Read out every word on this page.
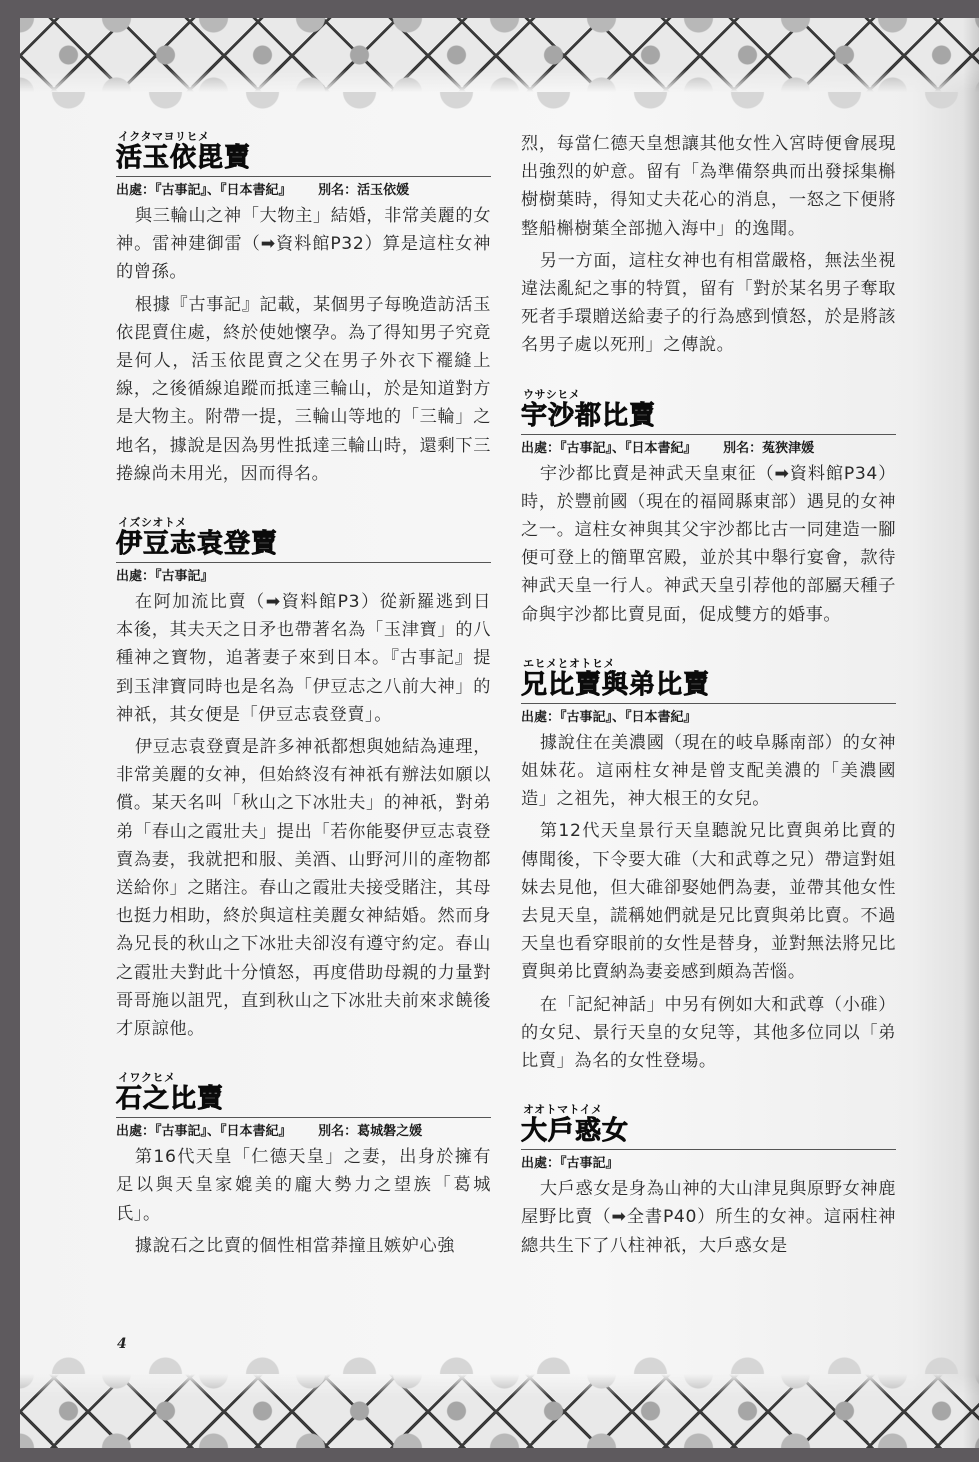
イクタマヨリヒメ
活玉依毘賣
出處：『古事記』、『日本書紀』 別名：活玉依媛

與三輪山之神「大物主」結婚，非常美麗的女神。雷神建御雷（➡資料館P32）算是這柱女神的曾孫。

根據『古事記』記載，某個男子每晚造訪活玉依毘賣住處，終於使她懷孕。為了得知男子究竟是何人，活玉依毘賣之父在男子外衣下襬縫上線，之後循線追蹤而抵達三輪山，於是知道對方是大物主。附帶一提，三輪山等地的「三輪」之地名，據說是因為男性抵達三輪山時，還剩下三捲線尚未用光，因而得名。

イズシオトメ
伊豆志袁登賣
出處：『古事記』

在阿加流比賣（➡資料館P3）從新羅逃到日本後，其夫天之日矛也帶著名為「玉津寶」的八種神之寶物，追著妻子來到日本。『古事記』提到玉津寶同時也是名為「伊豆志之八前大神」的神祇，其女便是「伊豆志袁登賣」。

伊豆志袁登賣是許多神祇都想與她結為連理，非常美麗的女神，但始終沒有神祇有辦法如願以償。某天名叫「秋山之下冰壯夫」的神祇，對弟弟「春山之霞壯夫」提出「若你能娶伊豆志袁登賣為妻，我就把和服、美酒、山野河川的產物都送給你」之賭注。春山之霞壯夫接受賭注，其母也挺力相助，終於與這柱美麗女神結婚。然而身為兄長的秋山之下冰壯夫卻沒有遵守約定。春山之霞壯夫對此十分憤怒，再度借助母親的力量對哥哥施以詛咒，直到秋山之下冰壯夫前來求饒後才原諒他。

イワクヒメ
石之比賣
出處：『古事記』、『日本書紀』 別名：葛城磐之媛

第16代天皇「仁德天皇」之妻，出身於擁有足以與天皇家媲美的龐大勢力之望族「葛城氏」。

據說石之比賣的個性相當莽撞且嫉妒心強

烈，每當仁德天皇想讓其他女性入宮時便會展現出強烈的妒意。留有「為準備祭典而出發採集槲樹樹葉時，得知丈夫花心的消息，一怒之下便將整船槲樹葉全部拋入海中」的逸聞。

另一方面，這柱女神也有相當嚴格，無法坐視違法亂紀之事的特質，留有「對於某名男子奪取死者手環贈送給妻子的行為感到憤怒，於是將該名男子處以死刑」之傳說。

ウサシヒメ
宇沙都比賣
出處：『古事記』、『日本書紀』 別名：菟狹津媛

宇沙都比賣是神武天皇東征（➡資料館P34）時，於豐前國（現在的福岡縣東部）遇見的女神之一。這柱女神與其父宇沙都比古一同建造一腳便可登上的簡單宮殿，並於其中舉行宴會，款待神武天皇一行人。神武天皇引荐他的部屬天種子命與宇沙都比賣見面，促成雙方的婚事。

エヒメとオトヒメ
兄比賣與弟比賣
出處：『古事記』、『日本書紀』

據說住在美濃國（現在的岐阜縣南部）的女神姐妹花。這兩柱女神是曾支配美濃的「美濃國造」之祖先，神大根王的女兒。

第12代天皇景行天皇聽說兄比賣與弟比賣的傳聞後，下令要大碓（大和武尊之兄）帶這對姐妹去見他，但大碓卻娶她們為妻，並帶其他女性去見天皇，謊稱她們就是兄比賣與弟比賣。不過天皇也看穿眼前的女性是替身，並對無法將兄比賣與弟比賣納為妻妾感到頗為苦惱。

在「記紀神話」中另有例如大和武尊（小碓）的女兒、景行天皇的女兒等，其他多位同以「弟比賣」為名的女性登場。

オオトマトイメ
大戶惑女
出處：『古事記』

大戶惑女是身為山神的大山津見與原野女神鹿屋野比賣（➡全書P40）所生的女神。這兩柱神總共生下了八柱神祇，大戶惑女是

4
